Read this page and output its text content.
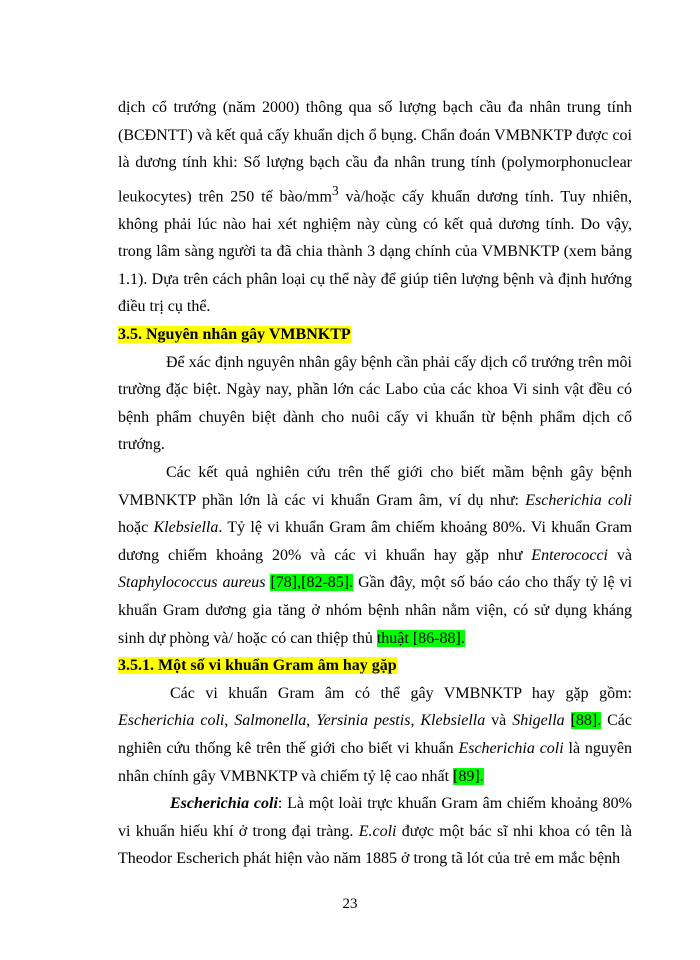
dịch cổ trướng (năm 2000) thông qua số lượng bạch cầu đa nhân trung tính (BCĐNTT) và kết quả cấy khuẩn dịch ổ bụng. Chẩn đoán VMBNKTP được coi là dương tính khi: Số lượng bạch cầu đa nhân trung tính (polymorphonuclear leukocytes) trên 250 tế bào/$mm^3$ và/hoặc cấy khuẩn dương tính. Tuy nhiên, không phải lúc nào hai xét nghiệm này cùng có kết quả dương tính. Do vậy, trong lâm sàng người ta đã chia thành 3 dạng chính của VMBNKTP (xem bảng 1.1). Dựa trên cách phân loại cụ thể này để giúp tiên lượng bệnh và định hướng điều trị cụ thể.

3.5. Nguyên nhân gây VMBNKTP

Để xác định nguyên nhân gây bệnh cần phải cấy dịch cổ trướng trên môi trường đặc biệt. Ngày nay, phần lớn các Labo của các khoa Vi sinh vật đều có bệnh phẩm chuyên biệt dành cho nuôi cấy vi khuẩn từ bệnh phẩm dịch cổ trướng.

Các kết quả nghiên cứu trên thế giới cho biết mầm bệnh gây bệnh VMBNKTP phần lớn là các vi khuẩn Gram âm, ví dụ như: Escherichia coli hoặc Klebsiella. Tỷ lệ vi khuẩn Gram âm chiếm khoảng 80%. Vi khuẩn Gram dương chiếm khoảng 20% và các vi khuẩn hay gặp như Enterococci và Staphylococcus aureus [78],[82-85]. Gần đây, một số báo cáo cho thấy tỷ lệ vi khuẩn Gram dương gia tăng ở nhóm bệnh nhân nằm viện, có sử dụng kháng sinh dự phòng và/ hoặc có can thiệp thủ thuật [86-88].

3.5.1. Một số vi khuẩn Gram âm hay gặp

Các vi khuẩn Gram âm có thể gây VMBNKTP hay gặp gồm: Escherichia coli, Salmonella, Yersinia pestis, Klebsiella và Shigella [88]. Các nghiên cứu thống kê trên thế giới cho biết vi khuẩn Escherichia coli là nguyên nhân chính gây VMBNKTP và chiếm tỷ lệ cao nhất [89].

Escherichia coli: Là một loài trực khuẩn Gram âm chiếm khoảng 80% vi khuẩn hiếu khí ở trong đại tràng. E.coli được một bác sĩ nhi khoa có tên là Theodor Escherich phát hiện vào năm 1885 ở trong tã lót của trẻ em mắc bệnh

23
